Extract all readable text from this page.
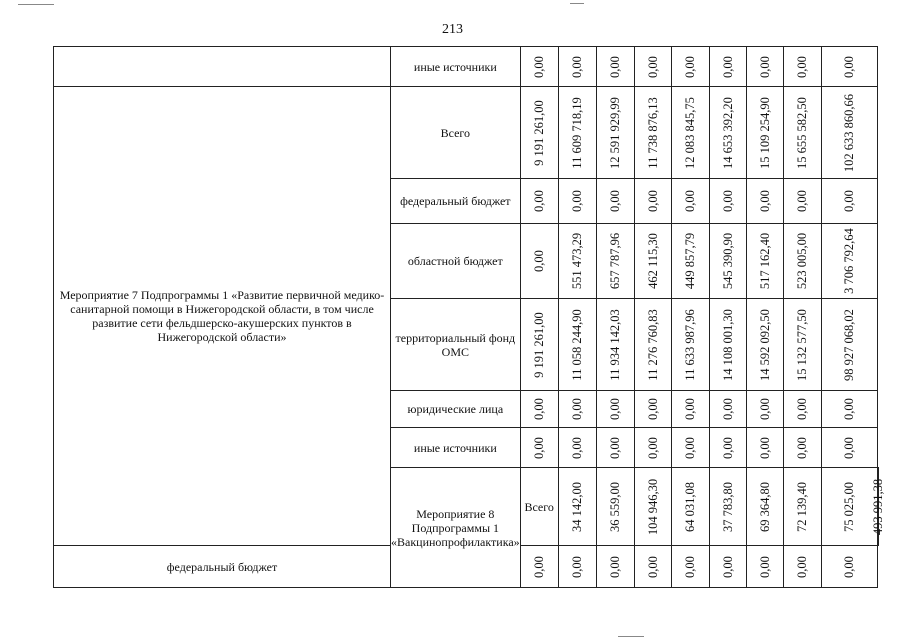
213
	иные источники	0,00	0,00	0,00	0,00	0,00	0,00	0,00	0,00	0,00	

Мероприятие 7 Подпрограммы 1 «Развитие первичной медико-санитарной помощи в Нижегородской области, в том числе развитие сети фельдшерско-акушерских пунктов в Нижегородской области»	Всего	9 191 261,00	11 609 718,19	12 591 929,99	11 738 876,13	12 083 845,75	14 653 392,20	15 109 254,90	15 655 582,50	102 633 860,66	

	федеральный бюджет	0,00	0,00	0,00	0,00	0,00	0,00	0,00	0,00	0,00	

	областной бюджет	0,00	551 473,29	657 787,96	462 115,30	449 857,79	545 390,90	517 162,40	523 005,00	3 706 792,64	

	территориальный фонд ОМС	9 191 261,00	11 058 244,90	11 934 142,03	11 276 760,83	11 633 987,96	14 108 001,30	14 592 092,50	15 132 577,50	98 927 068,02	

	юридические лица	0,00	0,00	0,00	0,00	0,00	0,00	0,00	0,00	0,00	

	иные источники	0,00	0,00	0,00	0,00	0,00	0,00	0,00	0,00	0,00	

	Мероприятие 8 Подпрограммы 1 «Вакцинопрофилактика»	Всего	34 142,00	36 559,00	104 946,30	64 031,08	37 783,80	69 364,80	72 139,40	75 025,00	493 991,38

федеральный бюджет		0,00	0,00	0,00	0,00	0,00	0,00	0,00	0,00	0,00	
